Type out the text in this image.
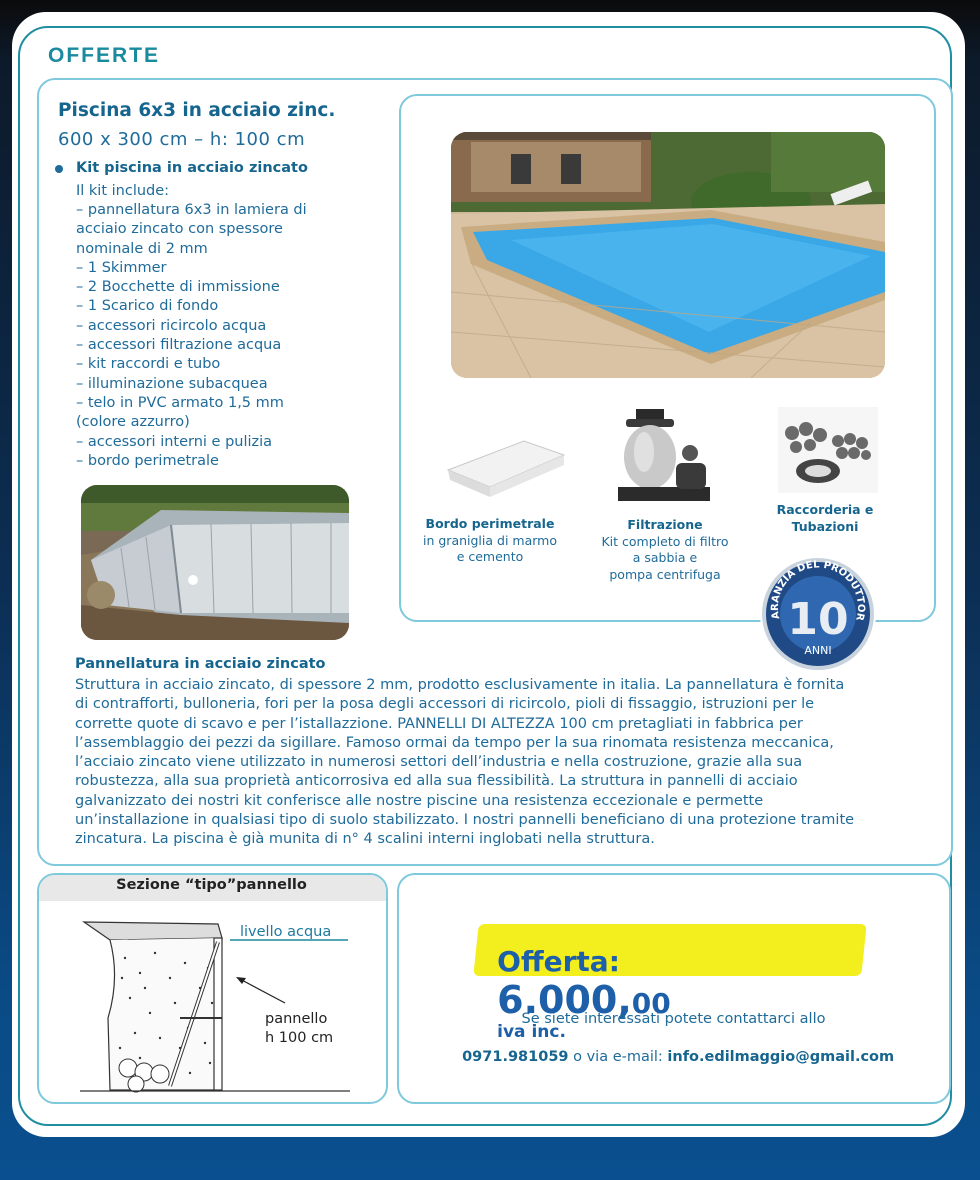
OFFERTE
Piscina 6x3 in acciaio zinc.
600 x 300 cm – h: 100 cm
Kit piscina in acciaio zincato
Il kit include:
– pannellatura 6x3 in lamiera di
acciaio zincato con spessore
nominale di 2 mm
– 1 Skimmer
– 2 Bocchette di immissione
– 1 Scarico di fondo
– accessori ricircolo acqua
– accessori filtrazione acqua
– kit raccordi e tubo
– illuminazione subacquea
– telo in PVC armato 1,5 mm
(colore azzurro)
– accessori interni e pulizia
– bordo perimetrale
Bordo perimetrale
in graniglia di marmo
e cemento
Filtrazione
Kit completo di filtro
a sabbia e
pompa centrifuga
Raccorderia e
Tubazioni
ARANZIA DEL PRODUTTOR
10
ANNI
Pannellatura in acciaio zincato
Struttura in acciaio zincato, di spessore 2 mm, prodotto esclusivamente in italia. La pannellatura è fornita
di contrafforti, bulloneria, fori per la posa degli accessori di ricircolo, pioli di fissaggio, istruzioni per le
corrette quote di scavo e per l’istallazzione. PANNELLI DI ALTEZZA 100 cm pretagliati in fabbrica per
l’assemblaggio dei pezzi da sigillare. Famoso ormai da tempo per la sua rinomata resistenza meccanica,
l’acciaio zincato viene utilizzato in numerosi settori dell’industria e nella costruzione, grazie alla sua
robustezza, alla sua proprietà anticorrosiva ed alla sua flessibilità. La struttura in pannelli di acciaio
galvanizzato dei nostri kit conferisce alle nostre piscine una resistenza eccezionale e permette
un’installazione in qualsiasi tipo di suolo stabilizzato. I nostri pannelli beneficiano di una protezione tramite
zincatura. La piscina è già munita di n° 4 scalini interni inglobati nella struttura.
Sezione “tipo”pannello
livello acqua
pannello
h 100 cm

Offerta:
6.000,00
iva inc.

Se siete interessati potete contattarci allo

0971.981059 o via e-mail: info.edilmaggio@gmail.com
